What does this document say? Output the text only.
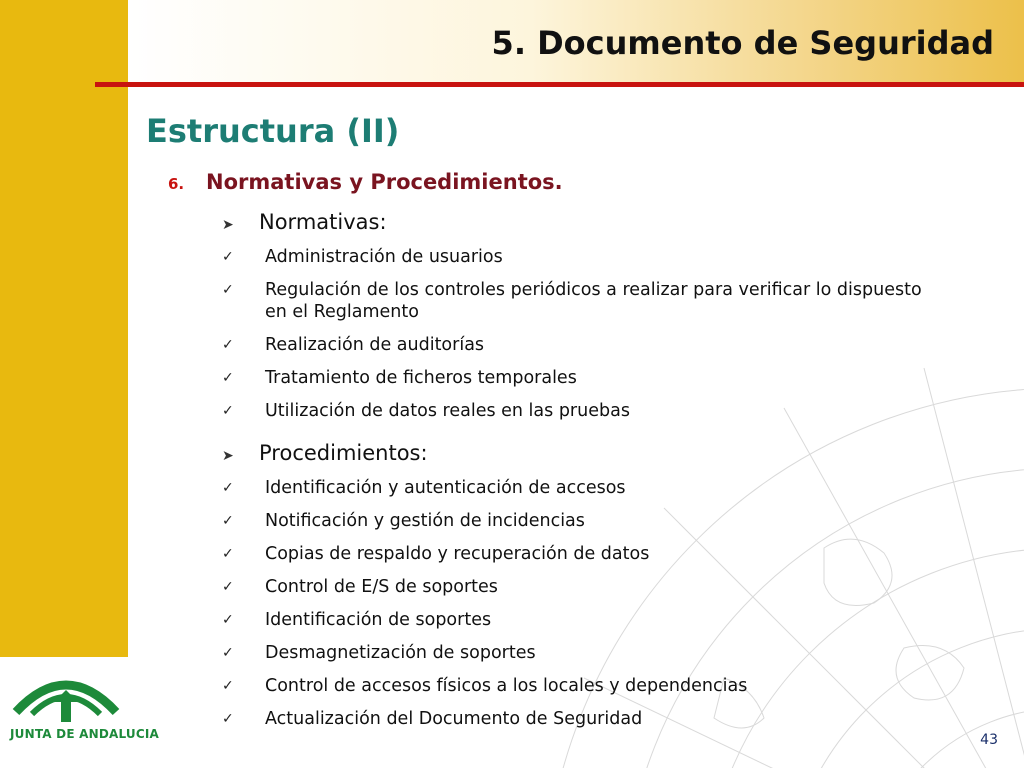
5. Documento de Seguridad
Estructura (II)
6.	Normativas y Procedimientos.
➤	Normativas:
✓	Administración de usuarios
✓	Regulación de los controles periódicos a realizar para verificar lo dispuesto en el Reglamento
✓	Realización de auditorías
✓	Tratamiento de ficheros temporales
✓	Utilización de datos reales en las pruebas
➤	Procedimientos:
✓	Identificación y autenticación de accesos
✓	Notificación y gestión de incidencias
✓	Copias de respaldo y recuperación de datos
✓	Control de E/S de soportes
✓	Identificación de soportes
✓	Desmagnetización de soportes
✓	Control de accesos físicos a los locales y dependencias
✓	Actualización del Documento de Seguridad
JUNTA DE ANDALUCIA	43
